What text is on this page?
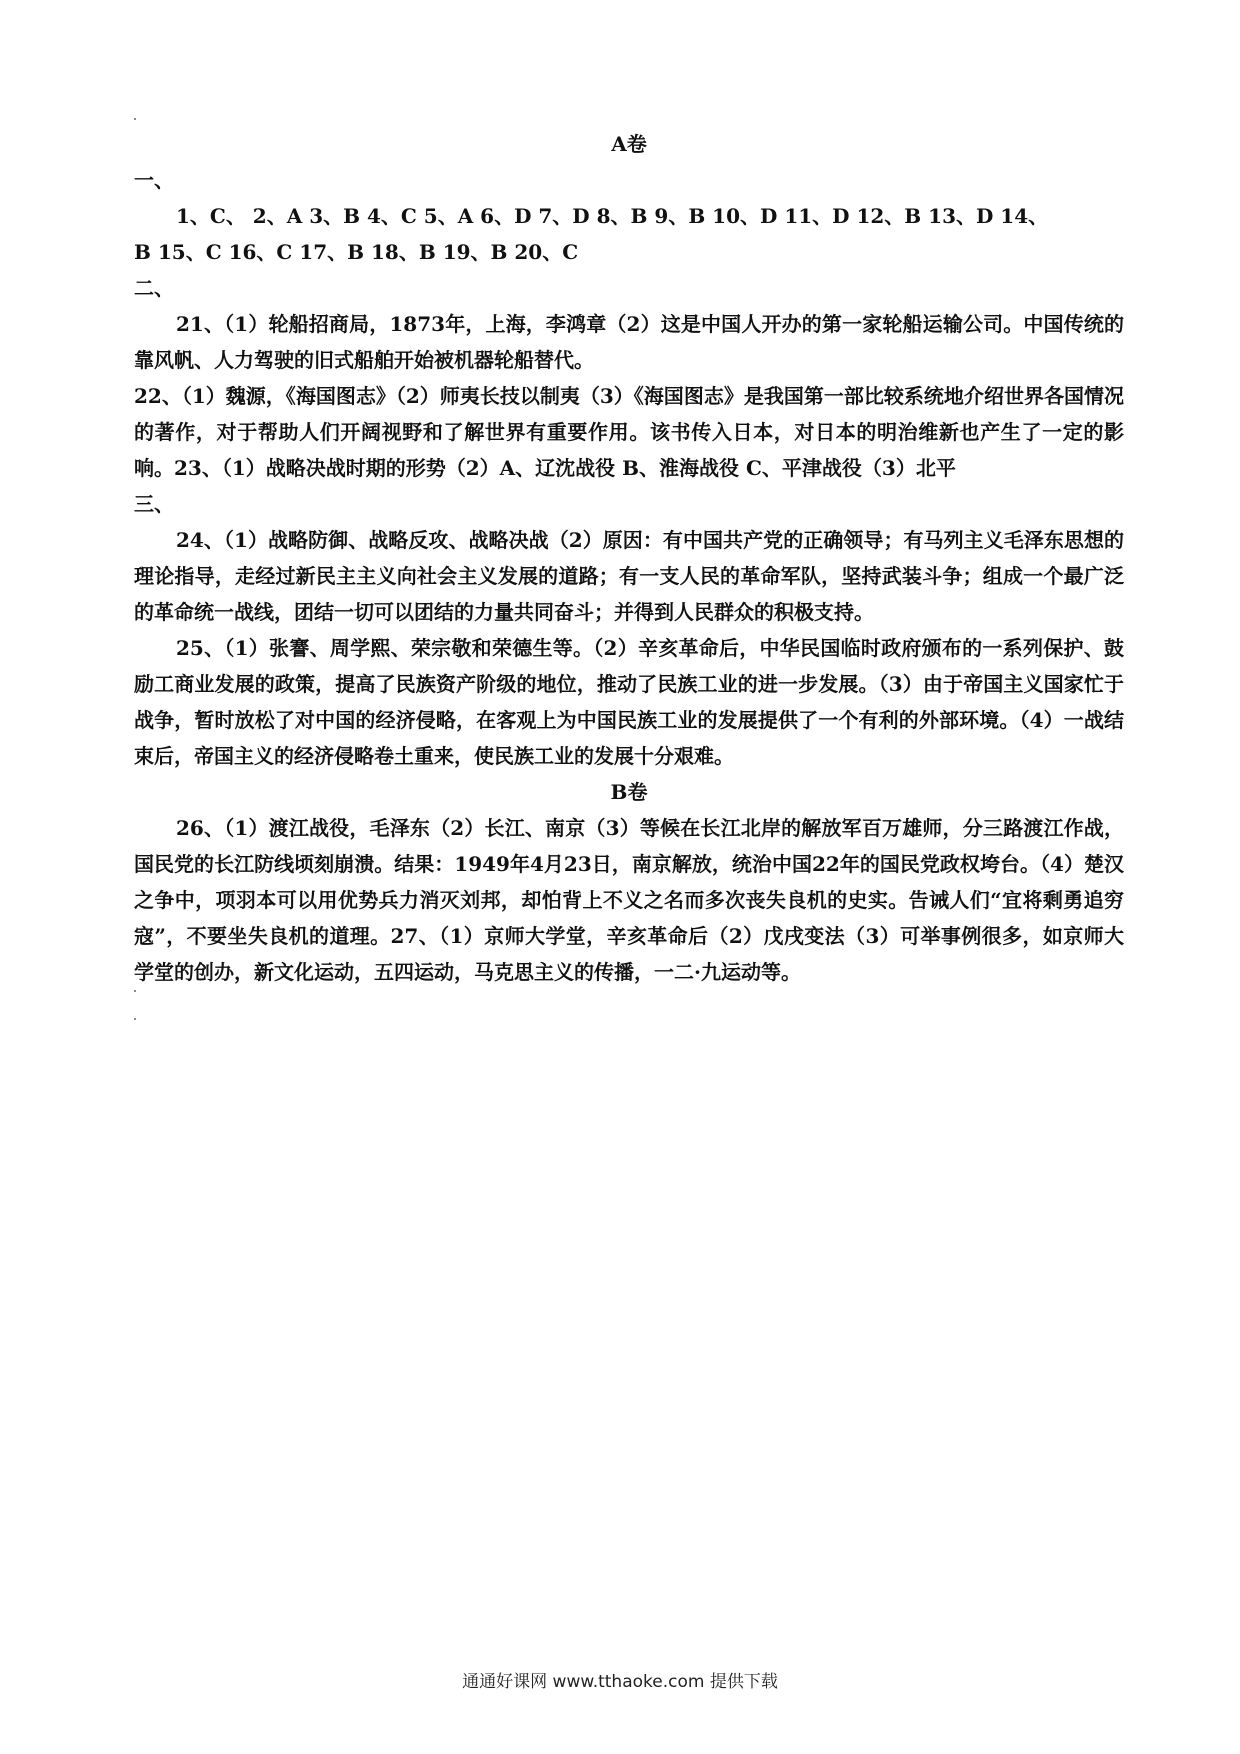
A卷

一、

1、C、 2、A 3、B 4、C 5、A 6、D 7、D 8、B 9、B 10、D 11、D 12、B 13、D 14、

B 15、C 16、C 17、B 18、B 19、B 20、C

二、

21、（1）轮船招商局，1873年，上海，李鸿章（2）这是中国人开办的第一家轮船运输公司。中国传统的靠风帆、人力驾驶的旧式船舶开始被机器轮船替代。

22、（1）魏源，《海国图志》（2）师夷长技以制夷（3）《海国图志》是我国第一部比较系统地介绍世界各国情况的著作，对于帮助人们开阔视野和了解世界有重要作用。该书传入日本，对日本的明治维新也产生了一定的影响。23、（1）战略决战时期的形势（2）A、辽沈战役 B、淮海战役 C、平津战役（3）北平

三、

24、（1）战略防御、战略反攻、战略决战（2）原因：有中国共产党的正确领导；有马列主义毛泽东思想的理论指导，走经过新民主主义向社会主义发展的道路；有一支人民的革命军队，坚持武装斗争；组成一个最广泛的革命统一战线，团结一切可以团结的力量共同奋斗；并得到人民群众的积极支持。

25、（1）张謇、周学熙、荣宗敬和荣德生等。（2）辛亥革命后，中华民国临时政府颁布的一系列保护、鼓励工商业发展的政策，提高了民族资产阶级的地位，推动了民族工业的进一步发展。（3）由于帝国主义国家忙于战争，暂时放松了对中国的经济侵略，在客观上为中国民族工业的发展提供了一个有利的外部环境。（4）一战结束后，帝国主义的经济侵略卷土重来，使民族工业的发展十分艰难。

B卷

26、（1）渡江战役，毛泽东（2）长江、南京（3）等候在长江北岸的解放军百万雄师，分三路渡江作战，国民党的长江防线顷刻崩溃。结果：1949年4月23日，南京解放，统治中国22年的国民党政权垮台。（4）楚汉之争中，项羽本可以用优势兵力消灭刘邦，却怕背上不义之名而多次丧失良机的史实。告诫人们“宜将剩勇追穷寇”，不要坐失良机的道理。27、（1）京师大学堂，辛亥革命后（2）戊戌变法（3）可举事例很多，如京师大学堂的创办，新文化运动，五四运动，马克思主义的传播，一二·九运动等。

通通好课网 www.tthaoke.com 提供下载
